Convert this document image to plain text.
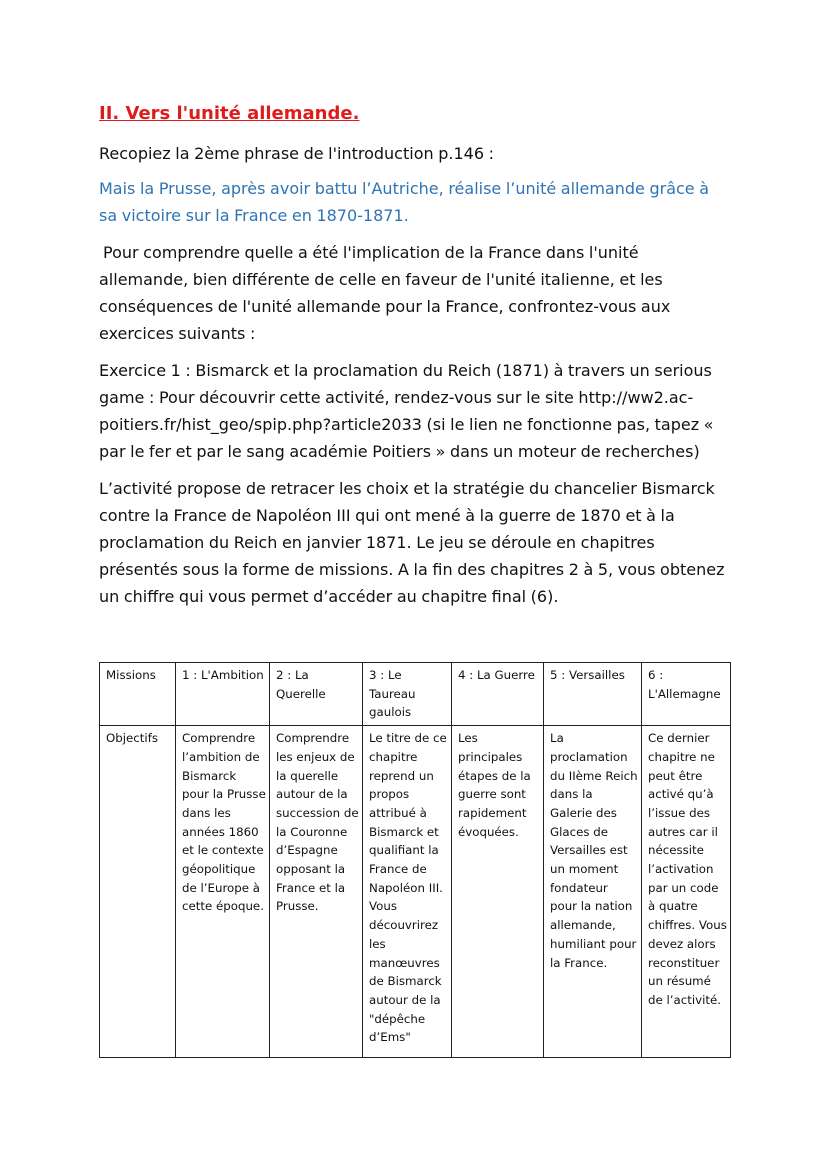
II. Vers l'unité allemande.

Recopiez la 2ème phrase de l'introduction p.146 :

Mais la Prusse, après avoir battu l’Autriche, réalise l’unité allemande grâce à sa victoire sur la France en 1870-1871.

Pour comprendre quelle a été l'implication de la France dans l'unité allemande, bien différente de celle en faveur de l'unité italienne, et les conséquences de l'unité allemande pour la France, confrontez-vous aux exercices suivants :

Exercice 1 : Bismarck et la proclamation du Reich (1871) à travers un serious game : Pour découvrir cette activité, rendez-vous sur le site http://ww2.ac-poitiers.fr/hist_geo/spip.php?article2033 (si le lien ne fonctionne pas, tapez « par le fer et par le sang académie Poitiers » dans un moteur de recherches)

L’activité propose de retracer les choix et la stratégie du chancelier Bismarck contre la France de Napoléon III qui ont mené à la guerre de 1870 et à la proclamation du Reich en janvier 1871. Le jeu se déroule en chapitres présentés sous la forme de missions. A la fin des chapitres 2 à 5, vous obtenez un chiffre qui vous permet d’accéder au chapitre final (6).

Missions	1 : L'Ambition	2 : La Querelle	3 : Le Taureau gaulois	4 : La Guerre	5 : Versailles	6 : L'Allemagne
Objectifs	Comprendre l’ambition de Bismarck pour la Prusse dans les années 1860 et le contexte géopolitique de l’Europe à cette époque.	Comprendre les enjeux de la querelle autour de la succession de la Couronne d’Espagne opposant la France et la Prusse.	Le titre de ce chapitre reprend un propos attribué à Bismarck et qualifiant la France de Napoléon III. Vous découvrirez les manœuvres de Bismarck autour de la "dépêche d’Ems"	Les principales étapes de la guerre sont rapidement évoquées.	La proclamation du IIème Reich dans la Galerie des Glaces de Versailles est un moment fondateur pour la nation allemande, humiliant pour la France.	Ce dernier chapitre ne peut être activé qu’à l’issue des autres car il nécessite l’activation par un code à quatre chiffres. Vous devez alors reconstituer un résumé de l’activité.
